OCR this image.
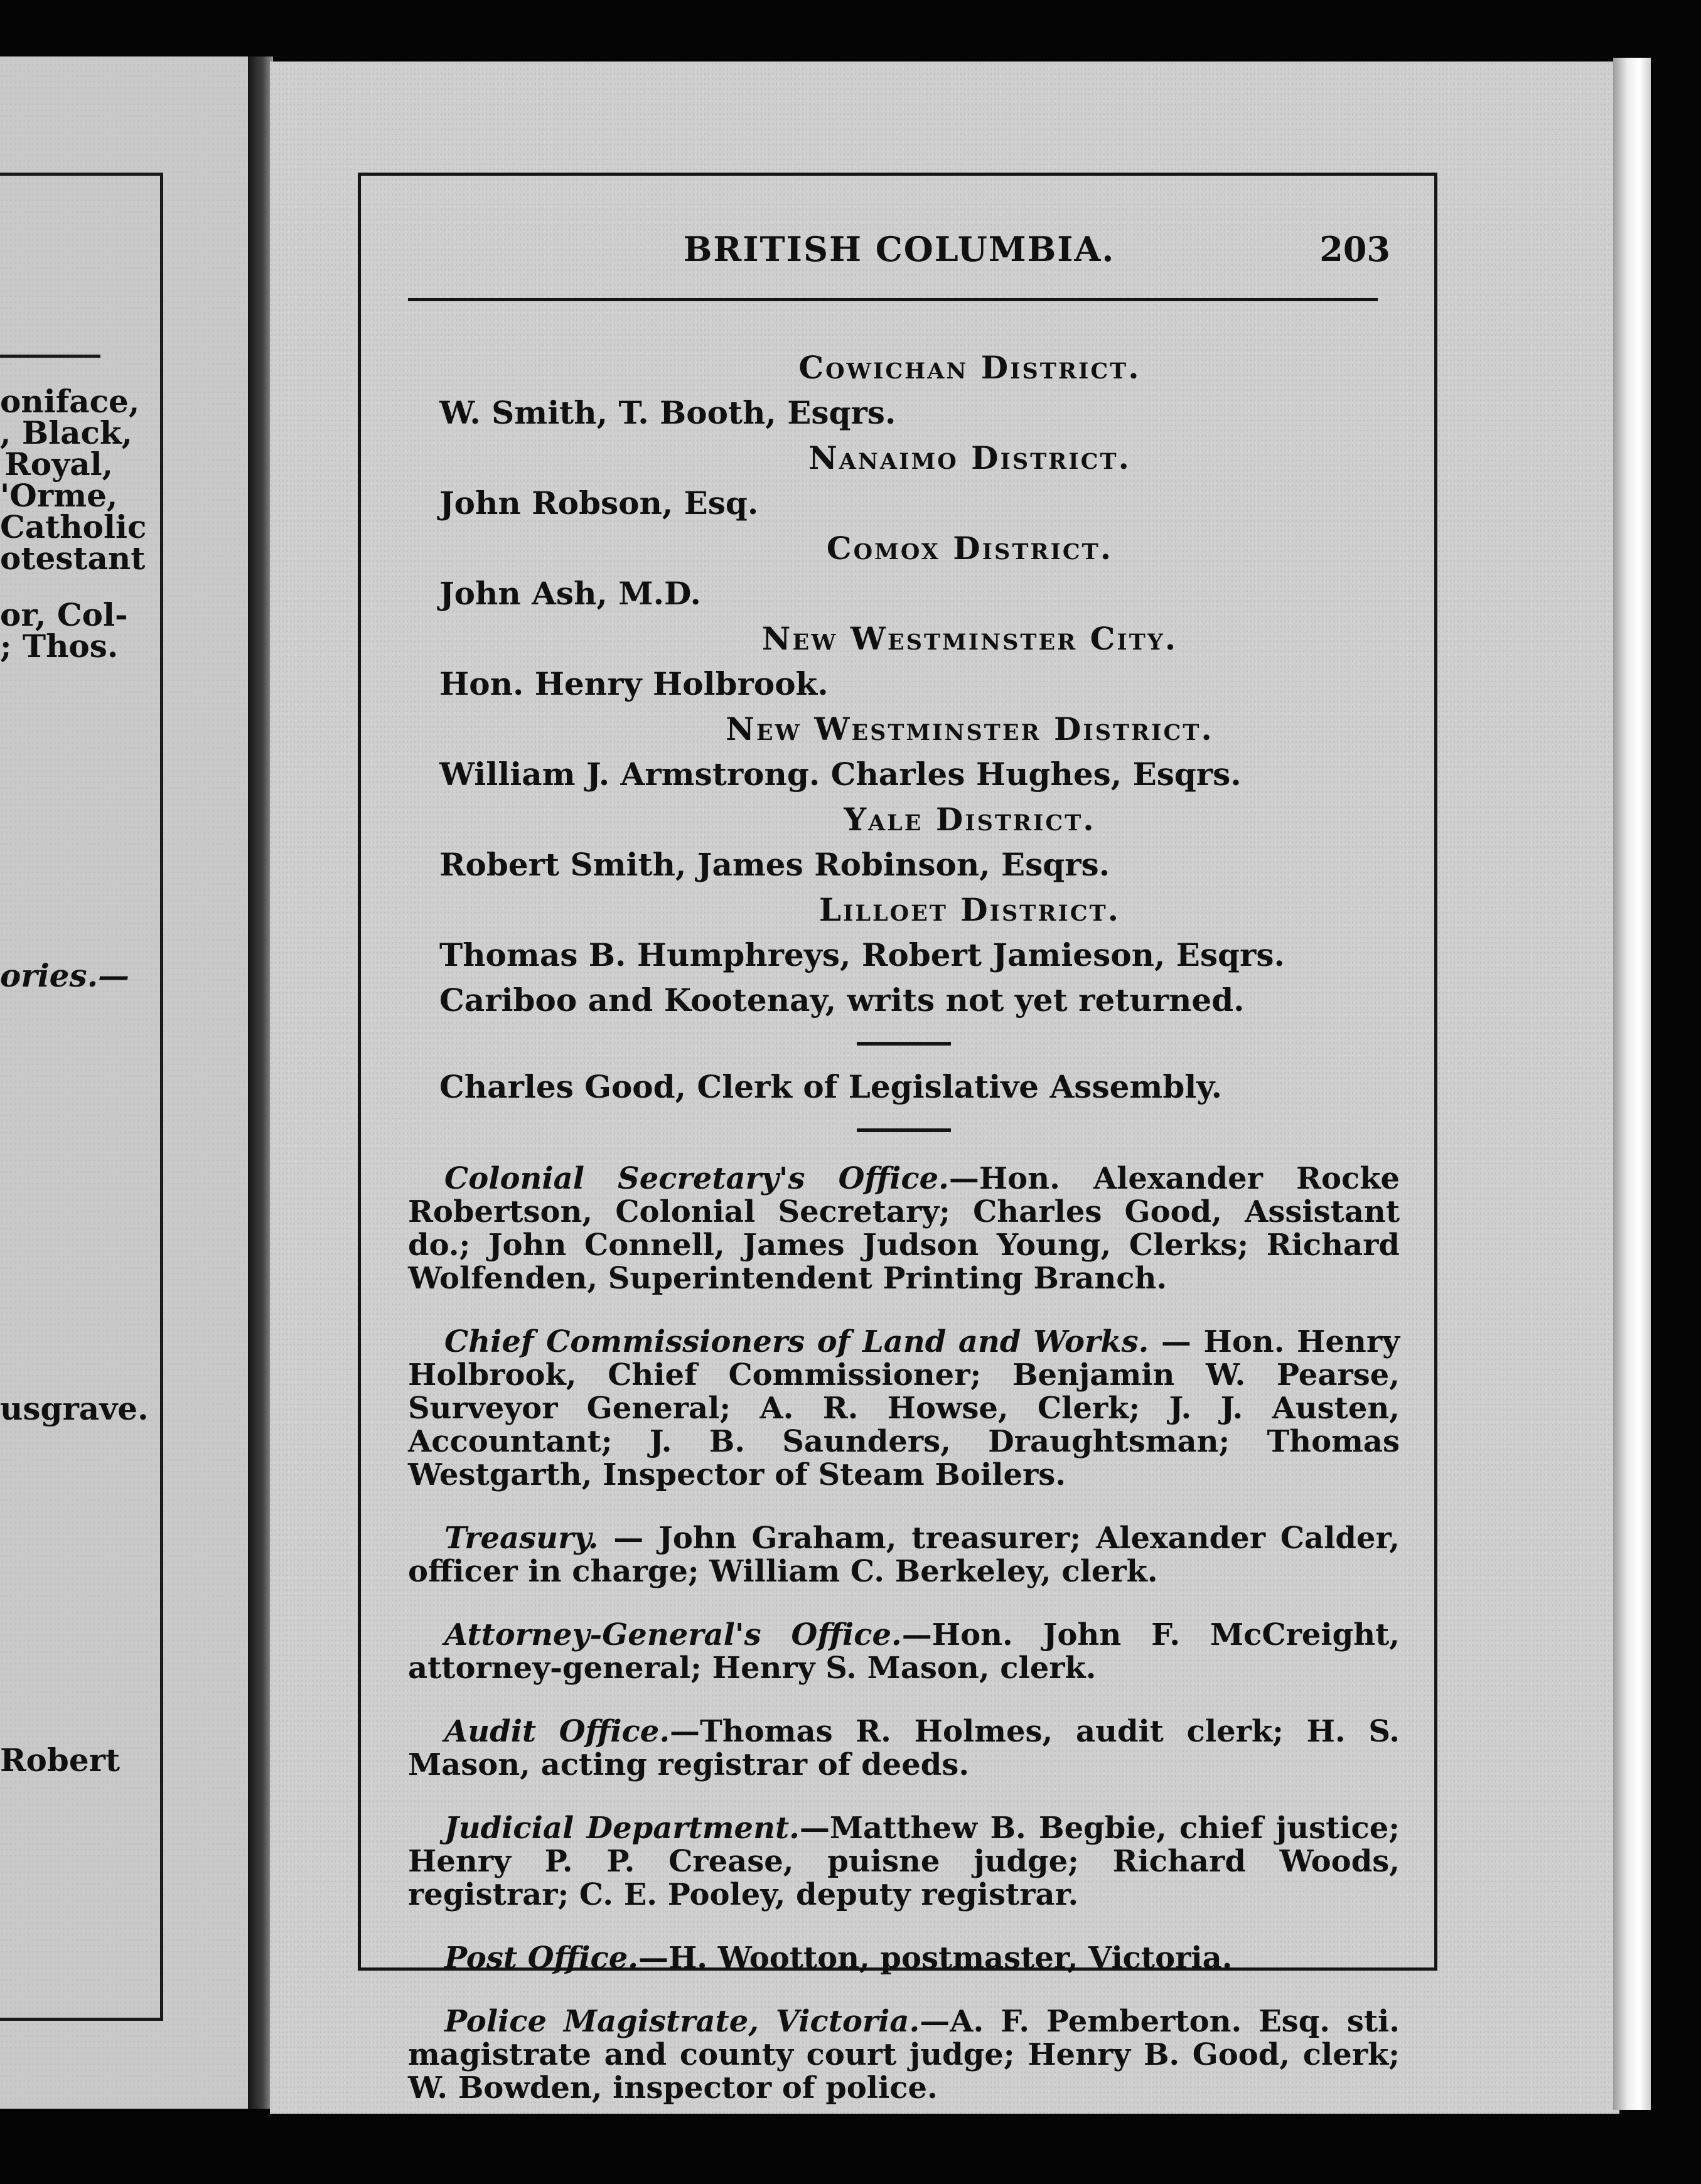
oniface,
, Black,
Royal,
'Orme,
Catholic
otestant
or, Col-
; Thos.
ories.—
usgrave.
Robert
BRITISH COLUMBIA.	203
Cowichan District.
W. Smith, T. Booth, Esqrs.
Nanaimo District.
John Robson, Esq.
Comox District.
John Ash, M.D.
New Westminster City.
Hon. Henry Holbrook.
New Westminster District.
William J. Armstrong. Charles Hughes, Esqrs.
Yale District.
Robert Smith, James Robinson, Esqrs.
Lilloet District.
Thomas B. Humphreys, Robert Jamieson, Esqrs.
Cariboo and Kootenay, writs not yet returned.
Charles Good, Clerk of Legislative Assembly.

Colonial Secretary's Office.—Hon. Alexander Rocke Robertson, Colonial Secretary; Charles Good, Assistant do.; John Connell, James Judson Young, Clerks; Richard Wolfenden, Superintendent Printing Branch.

Chief Commissioners of Land and Works. — Hon. Henry Holbrook, Chief Commissioner; Benjamin W. Pearse, Surveyor General; A. R. Howse, Clerk; J. J. Austen, Accountant; J. B. Saunders, Draughtsman; Thomas Westgarth, Inspector of Steam Boilers.

Treasury. — John Graham, treasurer; Alexander Calder, officer in charge; William C. Berkeley, clerk.

Attorney-General's Office.—Hon. John F. McCreight, attorney-general; Henry S. Mason, clerk.

Audit Office.—Thomas R. Holmes, audit clerk; H. S. Mason, acting registrar of deeds.

Judicial Department.—Matthew B. Begbie, chief justice; Henry P. P. Crease, puisne judge; Richard Woods, registrar; C. E. Pooley, deputy registrar.

Post Office.—H. Wootton, postmaster, Victoria.

Police Magistrate, Victoria.—A. F. Pemberton. Esq. sti. magistrate and county court judge; Henry B. Good, clerk; W. Bowden, inspector of police.
